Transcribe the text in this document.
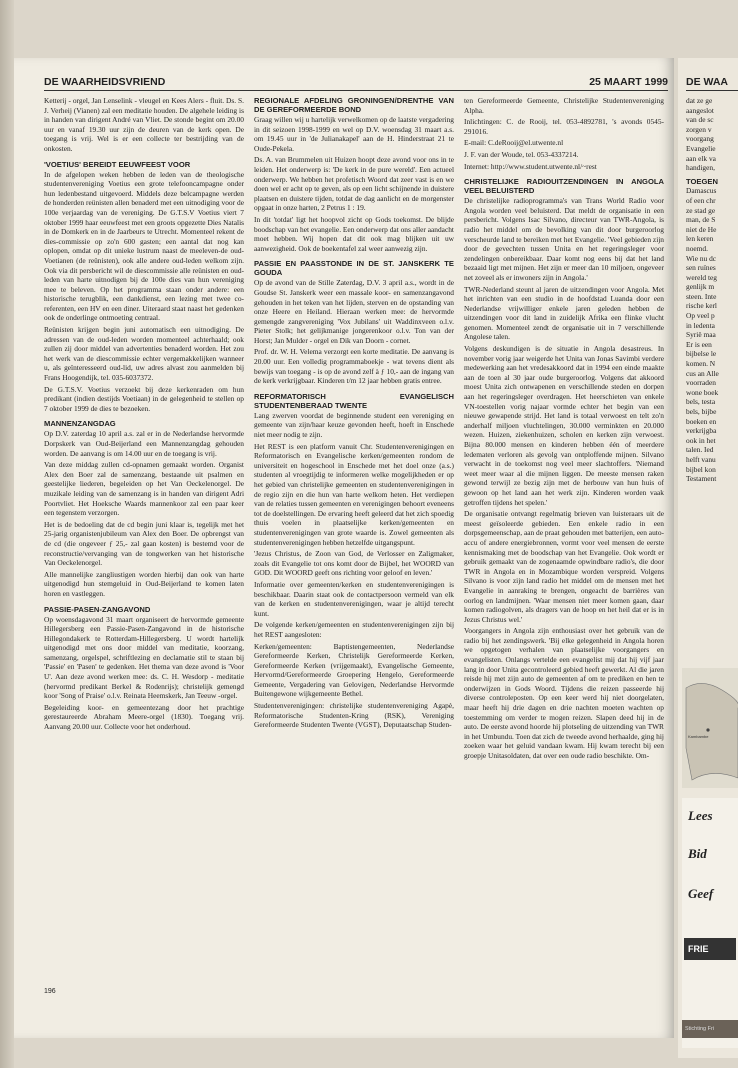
DE WAARHEIDSVRIEND	25 MAART 1999

Ketterij - orgel, Jan Lenselink - vleugel en Kees Alers - fluit. Ds. S. J. Verheij (Vianen) zal een meditatie houden. De algehele leiding is in handen van dirigent André van Vliet. De stonde begint om 20.00 uur en vanaf 19.30 uur zijn de deuren van de kerk open. De toegang is vrij. Wel is er een collecte ter bestrijding van de onkosten.

'VOETIUS' BEREIDT EEUWFEEST VOOR

In de afgelopen weken hebben de leden van de theologische studentenvereniging Voetius een grote telefooncampagne onder hun ledenbestand uitgevoerd. Middels deze belcampagne werden de honderden reünisten allen benaderd met een uitnodiging voor de 100e verjaardag van de vereniging. De G.T.S.V Voetius viert 7 oktober 1999 haar eeuwfeest met een groots opgezette Dies Natalis in de Domkerk en in de Jaarbeurs te Utrecht. Momenteel rekent de dies-commissie op zo'n 600 gasten; een aantal dat nog kan oplopen, omdat op dit unieke lustrum naast de meeleven-de oud-Voetianen (de reünisten), ook alle andere oud-leden welkom zijn. Ook via dit persbericht wil de diescommissie alle reünisten en oud-leden van harte uitnodigen bij de 100e dies van hun vereniging mee te beleven. Op het programma staan onder andere: een historische terugblik, een dankdienst, een lezing met twee co-referenten, een HV en een diner. Uiteraard staat naast het gedenken ook de onderlinge ontmoeting centraal.

Reünisten krijgen begin juni automatisch een uitnodiging. De adressen van de oud-leden worden momenteel achterhaald; ook zullen zij door middel van advertenties benaderd worden. Het zou het werk van de diescommissie echter vergemakkelijken wanneer u, als geïnteresseerd oud-lid, uw adres alvast zou aanmelden bij Frans Hoogendijk, tel. 035-6037372.

De G.T.S.V. Voetius verzoekt bij deze kerkenraden om hun predikant (indien destijds Voetiaan) in de gelegenheid te stellen op 7 oktober 1999 de dies te bezoeken.

MANNENZANGDAG

Op D.V. zaterdag 10 april a.s. zal er in de Nederlandse hervormde Dorpskerk van Oud-Beijerland een Mannenzangdag gehouden worden. De aanvang is om 14.00 uur en de toegang is vrij.

Van deze middag zullen cd-opnamen gemaakt worden. Organist Alex den Boer zal de samenzang, bestaande uit psalmen en geestelijke liederen, begeleiden op het Van Oeckelenorgel. De muzikale leiding van de samenzang is in handen van dirigent Adri Poortvliet. Het Hoeksche Waards mannenkoor zal een paar keer een tegenstem verzorgen.

Het is de bedoeling dat de cd begin juni klaar is, tegelijk met het 25-jarig organistenjubileum van Alex den Boer. De opbrengst van de cd (die ongeveer ƒ 25,- zal gaan kosten) is bestemd voor de reconstructie/vervanging van de tongwerken van het historische Van Oeckelenorgel.

Alle mannelijke zangliustigen worden hierbij dan ook van harte uitgenodigd hun stemgeluid in Oud-Beijerland te komen laten horen en vastleggen.

PASSIE-PASEN-ZANGAVOND

Op woensdagavond 31 maart organiseert de hervormde gemeente Hillegersberg een Passie-Pasen-Zangavond in de historische Hillegondakerk te Rotterdam-Hillegersberg. U wordt hartelijk uitgenodigd met ons door middel van meditatie, koorzang, samenzang, orgelspel, schriftlezing en declamatie stil te staan bij 'Passie' en 'Pasen' te gedenken. Het thema van deze avond is 'Voor U'. Aan deze avond werken mee: ds. C. H. Wesdorp - meditatie (hervormd predikant Berkel & Rodenrijs); christelijk gemengd koor 'Song of Praise' o.l.v. Reinata Heemskerk, Jan Teeuw -orgel.

Begeleiding koor- en gemeentezang door het prachtige gerestaureerde Abraham Meere-orgel (1830). Toegang vrij. Aanvang 20.00 uur. Collecte voor het onderhoud.

REGIONALE AFDELING GRONINGEN/DRENTHE VAN DE GEREFORMEERDE BOND

Graag willen wij u hartelijk verwelkomen op de laatste vergadering in dit seizoen 1998-1999 en wel op D.V. woensdag 31 maart a.s. om 19.45 uur in 'de Julianakapel' aan de H. Hinderstraat 21 te Oude-Pekela.

Ds. A. van Brummelen uit Huizen hoopt deze avond voor ons in te leiden. Het onderwerp is: 'De kerk in de pure wereld'. Een actueel onderwerp. We hebben het profetisch Woord dat zeer vast is en we doen wel er acht op te geven, als op een licht schijnende in duistere plaatsen en duistere tijden, totdat de dag aanlicht en de morgenster opgaat in onze harten, 2 Petrus 1 : 19.

In dit 'totdat' ligt het hoopvol zicht op Gods toekomst. De blijde boodschap van het evangelie. Een onderwerp dat ons aller aandacht moet hebben. Wij hopen dat dit ook mag blijken uit uw aanwezigheid. Ook de boekentafel zal weer aanwezig zijn.

PASSIE EN PAASSTONDE IN DE ST. JANSKERK TE GOUDA

Op de avond van de Stille Zaterdag, D.V. 3 april a.s., wordt in de Goudse St. Janskerk weer een massale koor- en samenzangavond gehouden in het teken van het lijden, sterven en de opstanding van onze Heere en Heiland. Hieraan werken mee: de hervormde gemengde zangvereniging 'Vox Jubilans' uit Waddinxveen o.l.v. Pieter Stolk; het gelijkmanige jongerenkoor o.l.v. Ton van der Horst; Jan Mulder - orgel en Dik van Doorn - cornet.

Prof. dr. W. H. Velema verzorgt een korte meditatie. De aanvang is 20.00 uur. Een volledig programmaboekje - wat tevens dient als bewijs van toegang - is op de avond zelf à ƒ 10,- aan de ingang van de kerk verkrijgbaar. Kinderen t/m 12 jaar hebben gratis entree.

REFORMATORISCH EVANGELISCH STUDENTENBERAAD TWENTE

Lang zwerven voordat de beginnende student een vereniging en gemeente van zijn/haar keuze gevonden heeft, hoeft in Enschede niet meer nodig te zijn.

Het REST is een platform vanuit Chr. Studentenverenigingen en Reformatorisch en Evangelische kerken/gemeenten rondom de universiteit en hogeschool in Enschede met het doel onze (a.s.) studenten al vroegtijdig te informeren welke mogelijkheden er op het gebied van christelijke gemeenten en studentenverenigingen in de regio zijn en die hun van harte welkom heten. Het verdiepen van de relaties tussen gemeenten en verenigingen behoort eveneens tot de doelstellingen. De ervaring heeft geleerd dat het zich spoedig thuis voelen in plaatselijke kerken/gemeenten en studentenverenigingen van grote waarde is. Zowel gemeenten als studentenverenigingen hebben hetzelfde uitgangspunt.

'Jezus Christus, de Zoon van God, de Verlosser en Zaligmaker, zoals dit Evangelie tot ons komt door de Bijbel, het WOORD van GOD. Dit WOORD geeft ons richting voor geloof en leven.'

Informatie over gemeenten/kerken en studentenverenigingen is beschikbaar. Daarin staat ook de contactpersoon vermeld van elk van de kerken en studentenverenigingen, waar je altijd terecht kunt.

De volgende kerken/gemeenten en studentenverenigingen zijn bij het REST aangesloten:

Kerken/gemeenten: Baptistengemeenten, Nederlandse Gereformeerde Kerken, Christelijk Gereformeerde Kerken, Gereformeerde Kerken (vrijgemaakt), Evangelische Gemeente, Hervormd/Gereformeerde Groepering Hengelo, Gereformeerde Gemeente, Vergadering van Gelovigen, Nederlandse Hervormde Buitengewone wijkgemeente Bethel.

Studentenverenigingen: christelijke studentenvereniging Agapè, Reformatorische Studenten-Kring (RSK), Vereniging Gereformeerde Studenten Twente (VGST), Deputaatschap Studen-

ten Gereformeerde Gemeente, Christelijke Studentenvereniging Alpha.

Inlichtingen: C. de Rooij, tel. 053-4892781, 's avonds 0545-291016.

E-mail: C.deRooij@el.utwente.nl

J. F. van der Woude, tel. 053-4337214.

Internet: http://www.student.utwente.nl/~rest

CHRISTELIJKE RADIOUITZENDINGEN IN ANGOLA VEEL BELUISTERD

De christelijke radioprogramma's van Trans World Radio voor Angola worden veel beluisterd. Dat meldt de organisatie in een persbericht. Volgens Isac Silvano, directeur van TWR-Angola, is radio het middel om de bevolking van dit door burgeroorlog verscheurde land te bereiken met het Evangelie. 'Veel gebieden zijn door de gevechten tussen Unita en het regeringsleger voor zendelingen onbereikbaar. Daar komt nog eens bij dat het land bezaaid ligt met mijnen. Het zijn er meer dan 10 miljoen, ongeveer net zoveel als er inwoners zijn in Angola.'

TWR-Nederland steunt al jaren de uitzendingen voor Angola. Met het inrichten van een studio in de hoofdstad Luanda door een Nederlandse vrijwilliger enkele jaren geleden hebben de uitzendingen voor dit land in zuidelijk Afrika een flinke vlucht genomen. Momenteel zendt de organisatie uit in 7 verschillende Angolese talen.

Volgens deskundigen is de situatie in Angola desastreus. In november vorig jaar weigerde het Unita van Jonas Savimbi verdere medewerking aan het vredesakkoord dat in 1994 een einde maakte aan de toen al 30 jaar oude burgeroorlog. Volgens dat akkoord moest Unita zich ontwapenen en verschillende steden en dorpen aan het regeringsleger overdragen. Het heerschieten van enkele VN-toestellen vorig najaar vormde echter het begin van een nieuwe gewapende strijd. Het land is totaal verwoest en telt zo'n anderhalf miljoen vluchtelingen, 30.000 verminkten en 20.000 wezen. Huizen, ziekenhuizen, scholen en kerken zijn verwoest. Bijna 80.000 mensen en kinderen hebben één of meerdere ledematen verloren als gevolg van ontploffende mijnen. Silvano verwacht in de toekomst nog veel meer slachtoffers. 'Niemand weet meer waar al die mijnen liggen. De meeste mensen raken gewond terwijl ze bezig zijn met de herbouw van hun huis of gewoon op het land aan het werk zijn. Kinderen worden vaak getroffen tijdens het spelen.'

De organisatie ontvangt regelmatig brieven van luisteraars uit de meest geïsoleerde gebieden. Een enkele radio in een dorpsgemeenschap, aan de praat gehouden met batterijen, een auto-accu of andere energiebronnen, vormt voor veel mensen de eerste kennismaking met de boodschap van het Evangelie. Ook wordt er gebruik gemaakt van de zogenaamde opwindbare radio's, die door TWR in Angola en in Mozambique worden verspreid. Volgens Silvano is voor zijn land radio het middel om de mensen met het Evangelie in aanraking te brengen, ongeacht de barrières van oorlog en landmijnen. 'Waar mensen niet meer komen gaan, daar komen radiogolven, als dragers van de hoop en het heil dat er is in Jezus Christus wel.'

Voorgangers in Angola zijn enthousiast over het gebruik van de radio bij het zendingswerk. 'Bij elke gelegenheid in Angola horen we opgetogen verhalen van plaatselijke voorgangers en evangelisten. Onlangs vertelde een evangelist mij dat hij vijf jaar lang in door Unita gecontroleerd gebied heeft gewerkt. Al die jaren reisde hij met zijn auto de gemeenten af om te prediken en hen te onderwijzen in Gods Woord. Tijdens die reizen passeerde hij diverse controleposten. Op een keer werd hij niet doorgelaten, maar heeft hij drie dagen en drie nachten moeten wachten op toestemming om verder te mogen reizen. Slapen deed hij in de auto. De eerste avond hoorde hij plotseling de uitzending van TWR in het Umbundu. Toen dat zich de tweede avond herhaalde, ging hij zoeken waar het geluid vandaan kwam. Hij kwam terecht bij een groepje Unitasoldaten, dat over een oude radio beschikte. Om-

196
DE WAA

dat ze ge

aangeslot

van de sc

zorgen v

voorgang

Evangelie

aan elk va

handigen,

TOEGEN

Damascus

of een chr

ze stad ge

man, de S

niet de He

len keren

noemd.

Wie nu dc

sen ruïnes

wereld teg

genlijk m

steen. Inte

rische kerl

Op veel p

in ledenta

Syrië maa

Er is een

bijbelse le

komen. N

cus an Alle

voorraden

wone boek

bels, testa

bels, bijbe

boeken en

verkrijgba

ook in het

talen. Ied

helft vanu

bijbel kon

Testament

Kambambe
Lees
Bid
Geef
FRIE
Stichting Fri
